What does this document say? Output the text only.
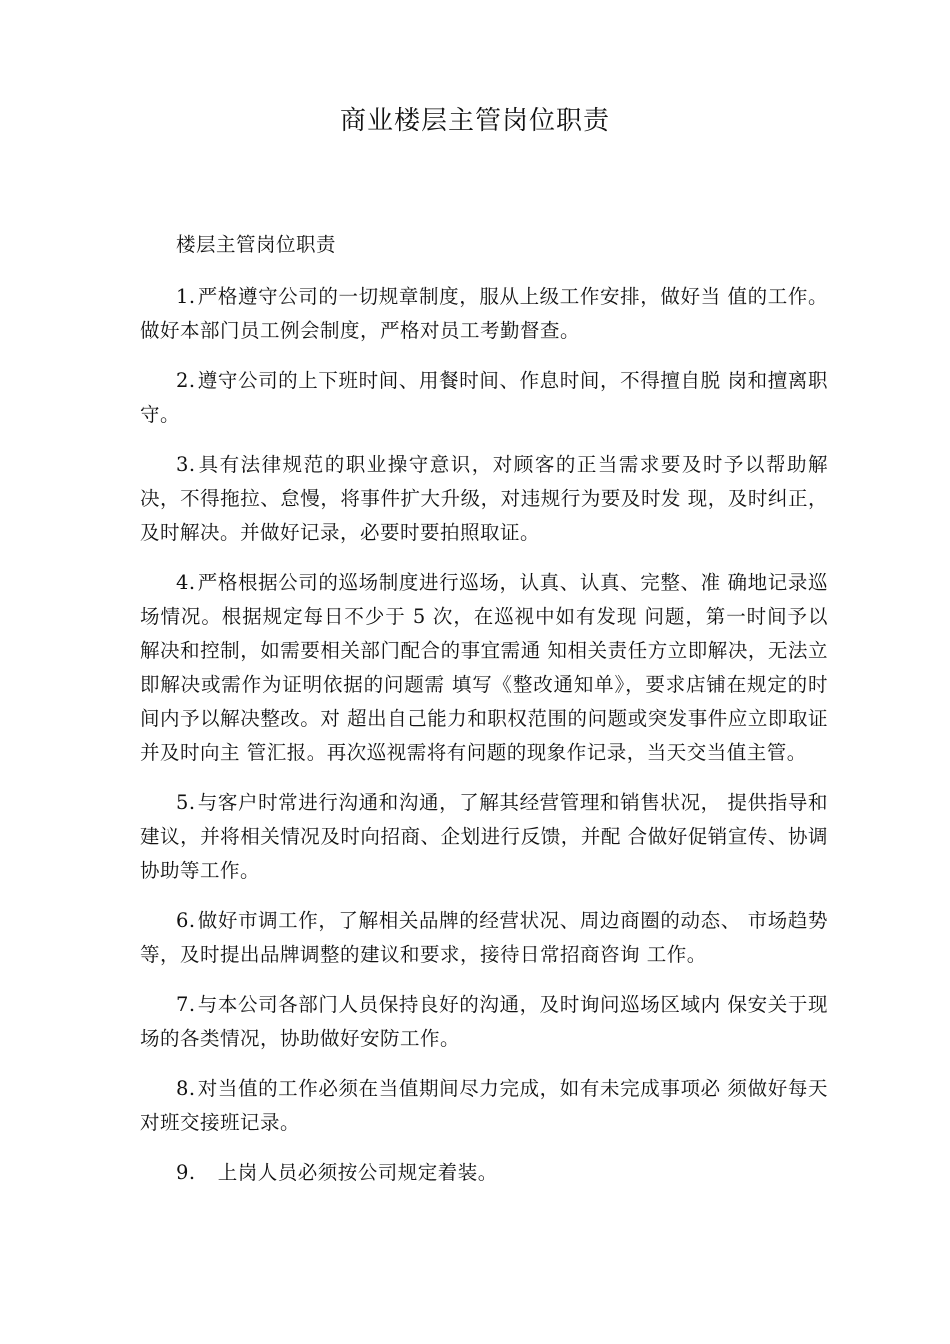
商业楼层主管岗位职责

楼层主管岗位职责

1. 严格遵守公司的一切规章制度，服从上级工作安排，做好当 值的工作。做好本部门员工例会制度，严格对员工考勤督查。

2. 遵守公司的上下班时间、用餐时间、作息时间，不得擅自脱 岗和擅离职守。

3. 具有法律规范的职业操守意识，对顾客的正当需求要及时予以帮助解决，不得拖拉、怠慢，将事件扩大升级，对违规行为要及时发 现，及时纠正，及时解决。并做好记录，必要时要拍照取证。

4. 严格根据公司的巡场制度进行巡场，认真、认真、完整、准 确地记录巡场情况。根据规定每日不少于 5 次，在巡视中如有发现 问题，第一时间予以解决和控制，如需要相关部门配合的事宜需通 知相关责任方立即解决，无法立即解决或需作为证明依据的问题需 填写《整改通知单》，要求店铺在规定的时间内予以解决整改。对 超出自己能力和职权范围的问题或突发事件应立即取证并及时向主 管汇报。再次巡视需将有问题的现象作记录，当天交当值主管。

5. 与客户时常进行沟通和沟通，了解其经营管理和销售状况， 提供指导和建议，并将相关情况及时向招商、企划进行反馈，并配 合做好促销宣传、协调协助等工作。

6. 做好市调工作，了解相关品牌的经营状况、周边商圈的动态、 市场趋势等，及时提出品牌调整的建议和要求，接待日常招商咨询 工作。

7. 与本公司各部门人员保持良好的沟通，及时询问巡场区域内 保安关于现场的各类情况，协助做好安防工作。

8. 对当值的工作必须在当值期间尽力完成，如有未完成事项必 须做好每天对班交接班记录。

9.   上岗人员必须按公司规定着装。
